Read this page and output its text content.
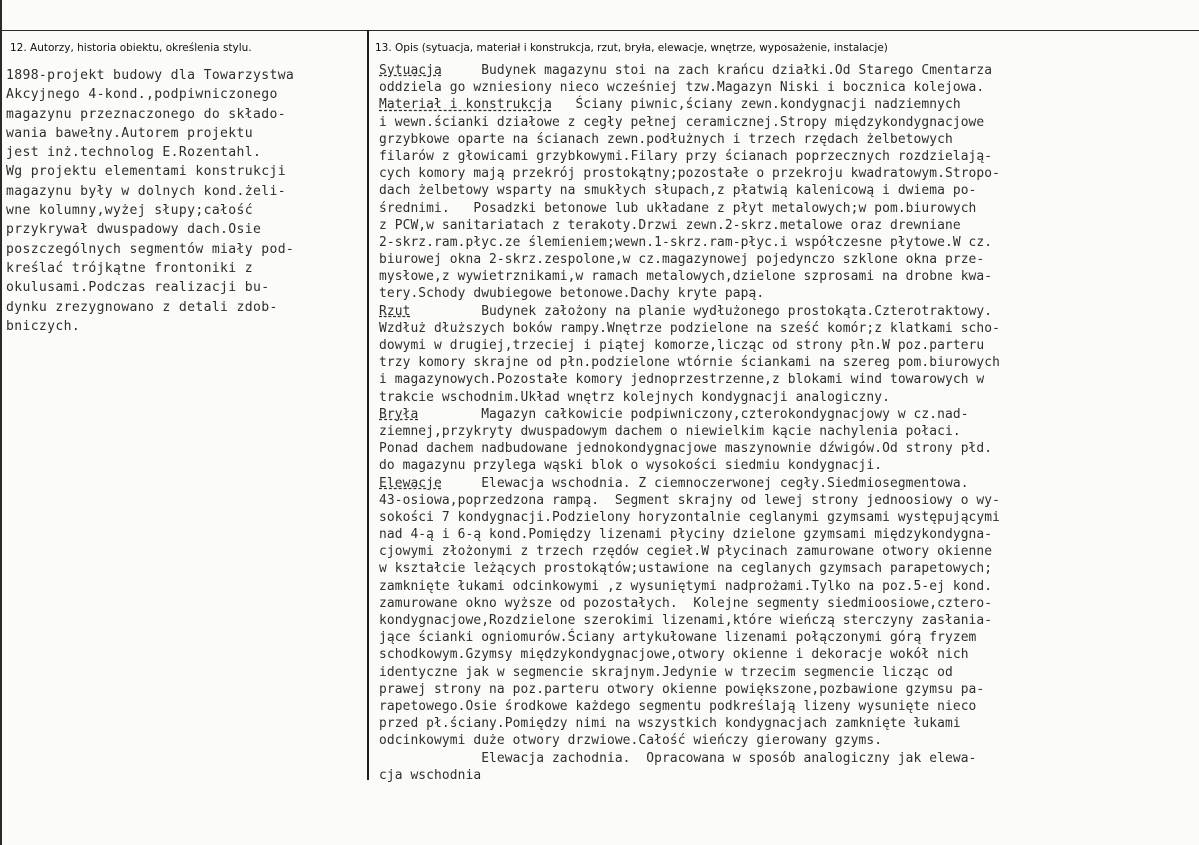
12. Autorzy, historia obiektu, określenia stylu.	13. Opis (sytuacja, materiał i konstrukcja, rzut, bryła, elewacje, wnętrze, wyposażenie, instalacje)
1898-projekt budowy dla Towarzystwa
Akcyjnego 4-kond.,podpiwniczonego
magazynu przeznaczonego do składo-
wania bawełny.Autorem projektu
jest inż.technolog E.Rozentahl.
Wg projektu elementami konstrukcji
magazynu były w dolnych kond.żeli-
wne kolumny,wyżej słupy;całość
przykrywał dwuspadowy dach.Osie
poszczególnych segmentów miały pod-
kreślać trójkątne frontoniki z
okulusami.Podczas realizacji bu-
dynku zrezygnowano z detali zdob-
bniczych.
Sytuacja     Budynek magazynu stoi na zach krańcu działki.Od Starego Cmentarza
oddziela go wzniesiony nieco wcześniej tzw.Magazyn Niski i bocznica kolejowa.
Materiał i konstrukcja   Ściany piwnic,ściany zewn.kondygnacji nadziemnych
i wewn.ścianki działowe z cegły pełnej ceramicznej.Stropy międzykondygnacjowe
grzybkowe oparte na ścianach zewn.podłużnych i trzech rzędach żelbetowych
filarów z głowicami grzybkowymi.Filary przy ścianach poprzecznych rozdzielają-
cych komory mają przekrój prostokątny;pozostałe o przekroju kwadratowym.Stropo-
dach żelbetowy wsparty na smukłych słupach,z płatwią kalenicową i dwiema po-
średnimi.   Posadzki betonowe lub układane z płyt metalowych;w pom.biurowych
z PCW,w sanitariatach z terakoty.Drzwi zewn.2-skrz.metalowe oraz drewniane
2-skrz.ram.płyc.ze ślemieniem;wewn.1-skrz.ram-płyc.i współczesne płytowe.W cz.
biurowej okna 2-skrz.zespolone,w cz.magazynowej pojedynczo szklone okna prze-
mysłowe,z wywietrznikami,w ramach metalowych,dzielone szprosami na drobne kwa-
tery.Schody dwubiegowe betonowe.Dachy kryte papą.
Rzut         Budynek założony na planie wydłużonego prostokąta.Czterotraktowy.
Wzdłuż dłuższych boków rampy.Wnętrze podzielone na sześć komór;z klatkami scho-
dowymi w drugiej,trzeciej i piątej komorze,licząc od strony płn.W poz.parteru
trzy komory skrajne od płn.podzielone wtórnie ściankami na szereg pom.biurowych
i magazynowych.Pozostałe komory jednoprzestrzenne,z blokami wind towarowych w
trakcie wschodnim.Układ wnętrz kolejnych kondygnacji analogiczny.
Bryła        Magazyn całkowicie podpiwniczony,czterokondygnacjowy w cz.nad-
ziemnej,przykryty dwuspadowym dachem o niewielkim kącie nachylenia połaci.
Ponad dachem nadbudowane jednokondygnacjowe maszynownie dźwigów.Od strony płd.
do magazynu przylega wąski blok o wysokości siedmiu kondygnacji.
Elewacje     Elewacja wschodnia. Z ciemnoczerwonej cegły.Siedmiosegmentowa.
43-osiowa,poprzedzona rampą.  Segment skrajny od lewej strony jednoosiowy o wy-
sokości 7 kondygnacji.Podzielony horyzontalnie ceglanymi gzymsami występującymi
nad 4-ą i 6-ą kond.Pomiędzy lizenami płyciny dzielone gzymsami międzykondygna-
cjowymi złożonymi z trzech rzędów cegieł.W płycinach zamurowane otwory okienne
w kształcie leżących prostokątów;ustawione na ceglanych gzymsach parapetowych;
zamknięte łukami odcinkowymi ,z wysuniętymi nadprożami.Tylko na poz.5-ej kond.
zamurowane okno wyższe od pozostałych.  Kolejne segmenty siedmioosiowe,cztero-
kondygnacjowe,Rozdzielone szerokimi lizenami,które wieńczą sterczyny zasłania-
jące ścianki ogniomurów.Ściany artykułowane lizenami połączonymi górą fryzem
schodkowym.Gzymsy międzykondygnacjowe,otwory okienne i dekoracje wokół nich
identyczne jak w segmencie skrajnym.Jedynie w trzecim segmencie licząc od
prawej strony na poz.parteru otwory okienne powiększone,pozbawione gzymsu pa-
rapetowego.Osie środkowe każdego segmentu podkreślają lizeny wysunięte nieco
przed pł.ściany.Pomiędzy nimi na wszystkich kondygnacjach zamknięte łukami
odcinkowymi duże otwory drzwiowe.Całość wieńczy gierowany gzyms.
Elewacja zachodnia.  Opracowana w sposób analogiczny jak elewa-
cja wschodnia
